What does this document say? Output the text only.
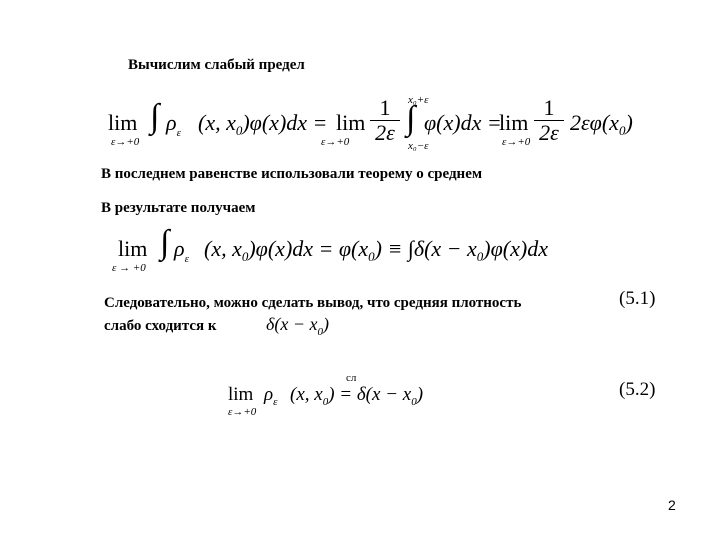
Вычислим слабый предел
lim
ε→+0
∫ $\rho_\varepsilon$ (x, $x_0)\varphi(x)dx = \lim$
$\varepsilon\to+0 \frac{1}{2\varepsilon} x_0+\varepsilon$
∫
x₀−ε
φ(x)dx =
lim
$\varepsilon\to+0 \frac{1}{2\varepsilon} 2\varepsilon\varphi(x_0)$
В последнем равенстве использовали теорему о среднем
В результате получаем
lim
ε → +0
∫ $\rho_\varepsilon$ (x, $x_0)\varphi(x)dx = \varphi(x_0) \equiv \int\delta(x - x_0)\varphi(x)dx$
Следовательно, можно сделать вывод, что средняя плотность	(5.1)
слабо сходится к	$\delta(x - x_0)$
lim
ε→+0
$\rho_\varepsilon$ (x, $x_0) = \delta(x - x_0)$
сл
(5.2)
2
